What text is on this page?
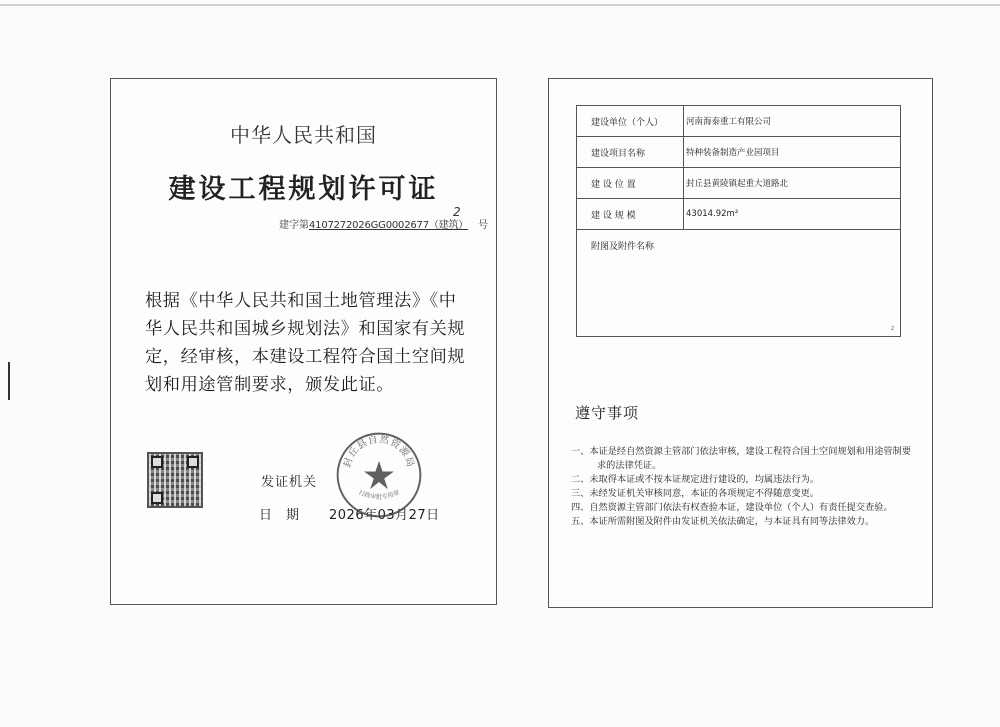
中华人民共和国
建设工程规划许可证
建字第4107272026GG0002677（建筑）
2
号
根据《中华人民共和国土地管理法》《中华人民共和国城乡规划法》和国家有关规定，经审核，本建设工程符合国土空间规划和用途管制要求，颁发此证。
发证机关
日期 2026年03月27日
封丘县自然资源局
行政审批专用章
建设单位（个人）	河南海泰重工有限公司
建设项目名称	特种装备制造产业园项目
建 设 位 置	封丘县黄陵镇起重大道路北
建 设 规 模	43014.92m²
附图及附件名称
2	
遵守事项
一、本证是经自然资源主管部门依法审核，建设工程符合国土空间规划和用途管制要求的法律凭证。
二、未取得本证或不按本证规定进行建设的，均属违法行为。
三、未经发证机关审核同意，本证的各项规定不得随意变更。
四、自然资源主管部门依法有权查验本证，建设单位（个人）有责任提交查验。
五、本证所需附图及附件由发证机关依法确定，与本证具有同等法律效力。
